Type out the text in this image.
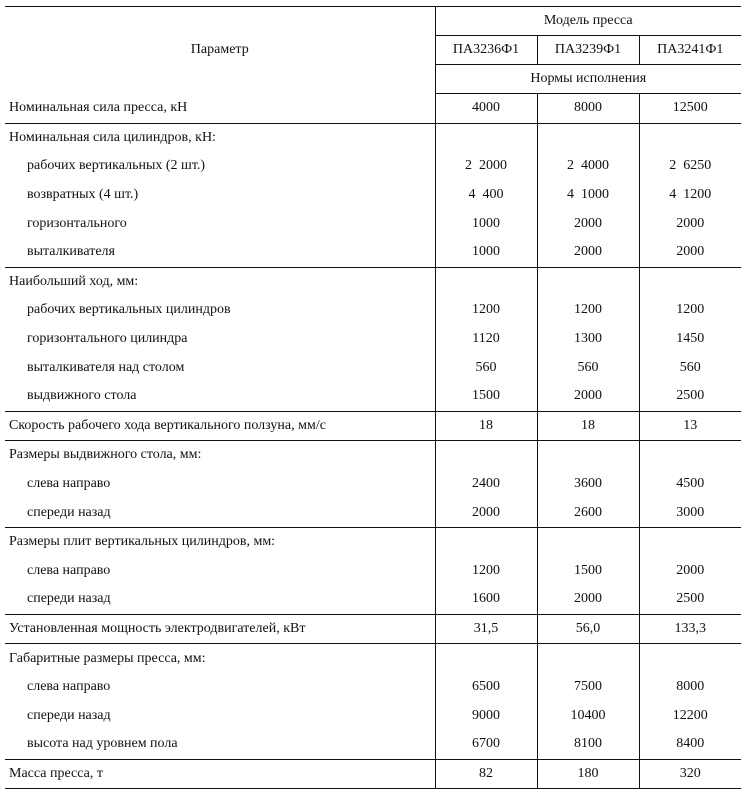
Параметр	Модель пресса		
	ПА3236Ф1	ПА3239Ф1	ПА3241Ф1
	Нормы исполнения		
Номинальная сила пресса, кН	4000	8000	12500
Номинальная сила цилиндров, кН:			
рабочих вертикальных (2 шт.)	2  2000	2  4000	2  6250
возвратных (4 шт.)	4  400	4  1000	4  1200
горизонтального	1000	2000	2000
выталкивателя	1000	2000	2000
Наибольший ход, мм:			
рабочих вертикальных цилиндров	1200	1200	1200
горизонтального цилиндра	1120	1300	1450
выталкивателя над столом	560	560	560
выдвижного стола	1500	2000	2500
Скорость рабочего хода вертикального ползуна, мм/с	18	18	13
Размеры выдвижного стола, мм:			
слева направо	2400	3600	4500
спереди назад	2000	2600	3000
Размеры плит вертикальных цилиндров, мм:			
слева направо	1200	1500	2000
спереди назад	1600	2000	2500
Установленная мощность электродвигателей, кВт	31,5	56,0	133,3
Габаритные размеры пресса, мм:			
слева направо	6500	7500	8000
спереди назад	9000	10400	12200
высота над уровнем пола	6700	8100	8400
Масса пресса, т	82	180	320
